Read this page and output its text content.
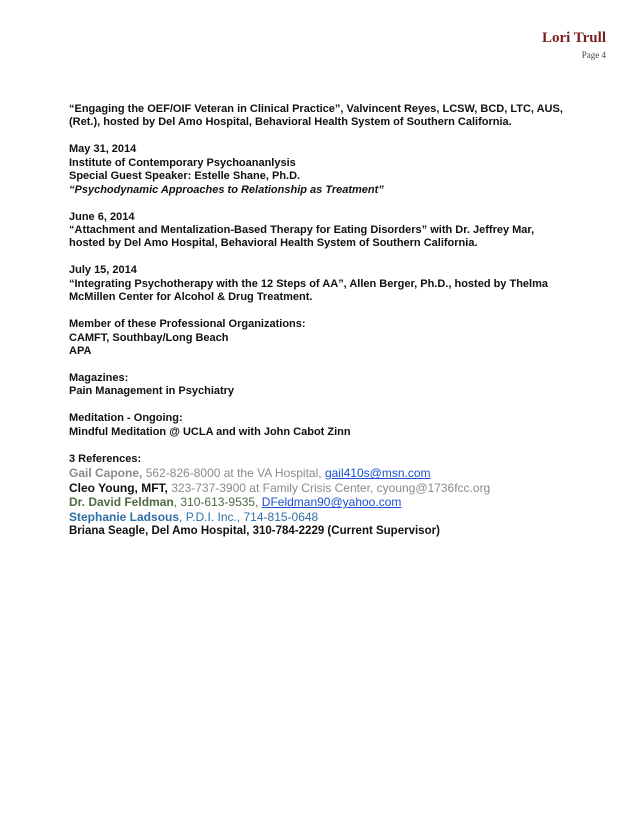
Lori Trull
Page 4
“Engaging the OEF/OIF Veteran in Clinical Practice”, Valvincent Reyes, LCSW, BCD, LTC, AUS,
(Ret.), hosted by Del Amo Hospital, Behavioral Health System of Southern California.
May 31, 2014
Institute of Contemporary Psychoananlysis
Special Guest Speaker: Estelle Shane, Ph.D.
“Psychodynamic Approaches to Relationship as Treatment”
June 6, 2014
“Attachment and Mentalization-Based Therapy for Eating Disorders” with Dr. Jeffrey Mar,
hosted by Del Amo Hospital, Behavioral Health System of Southern California.
July 15, 2014
“Integrating Psychotherapy with the 12 Steps of AA”, Allen Berger, Ph.D., hosted by Thelma
McMillen Center for Alcohol & Drug Treatment.
Member of these Professional Organizations:
CAMFT, Southbay/Long Beach
APA
Magazines:
Pain Management in Psychiatry
Meditation - Ongoing:
Mindful Meditation @ UCLA and with John Cabot Zinn
3 References:
Gail Capone, 562-826-8000 at the VA Hospital, gail410s@msn.com
Cleo Young, MFT, 323-737-3900 at Family Crisis Center, cyoung@1736fcc.org
Dr. David Feldman, 310-613-9535, DFeldman90@yahoo.com
Stephanie Ladsous, P.D.I. Inc., 714-815-0648
Briana Seagle, Del Amo Hospital, 310-784-2229 (Current Supervisor)
